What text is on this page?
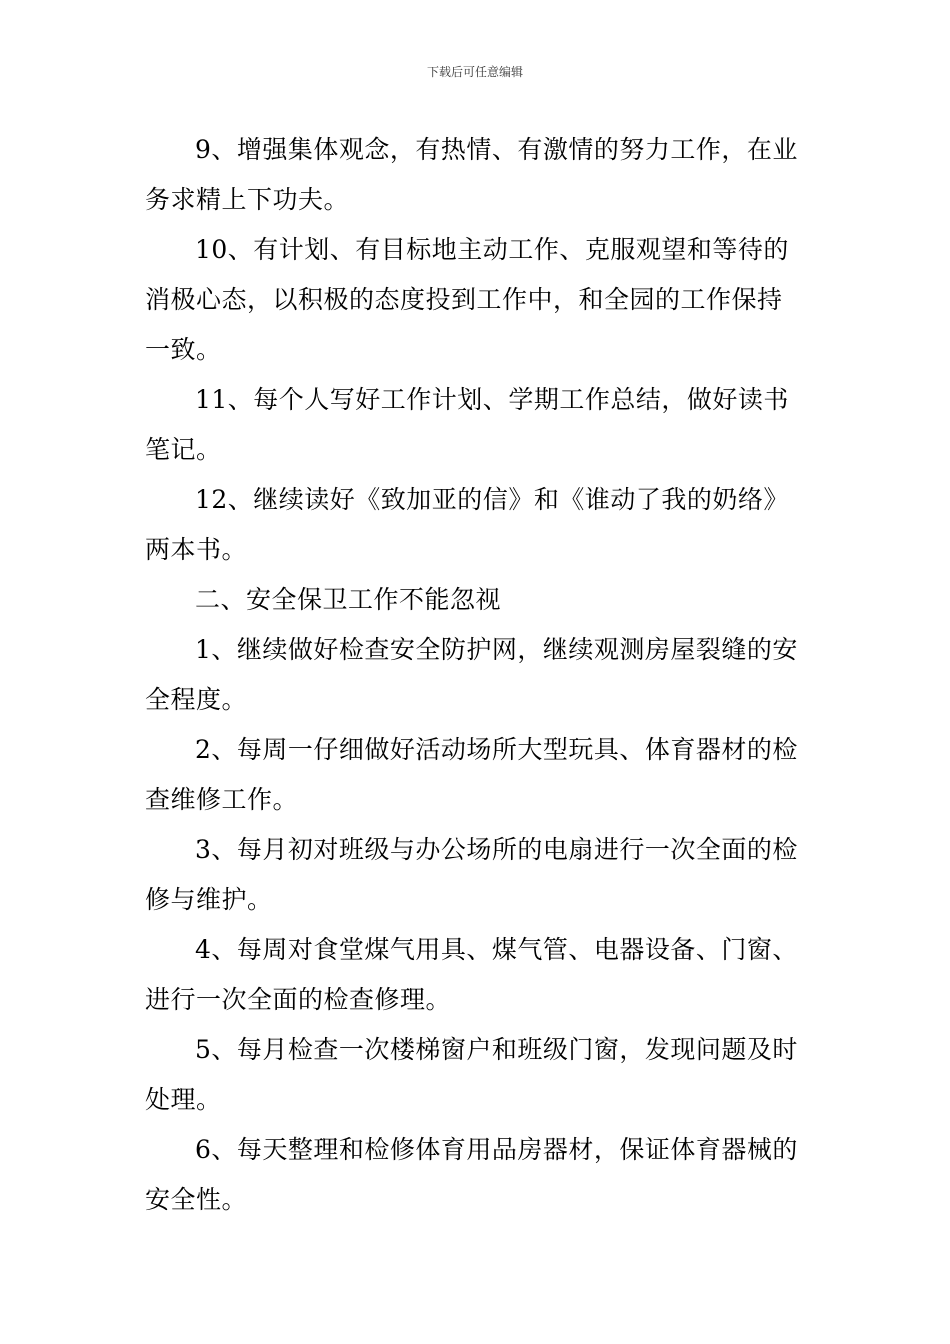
下载后可任意编辑

9、增强集体观念，有热情、有激情的努力工作，在业务求精上下功夫。

10、有计划、有目标地主动工作、克服观望和等待的消极心态，以积极的态度投到工作中，和全园的工作保持一致。

11、每个人写好工作计划、学期工作总结，做好读书笔记。

12、继续读好《致加亚的信》和《谁动了我的奶络》两本书。

二、安全保卫工作不能忽视

1、继续做好检查安全防护网，继续观测房屋裂缝的安全程度。

2、每周一仔细做好活动场所大型玩具、体育器材的检查维修工作。

3、每月初对班级与办公场所的电扇进行一次全面的检修与维护。

4、每周对食堂煤气用具、煤气管、电器设备、门窗、进行一次全面的检查修理。

5、每月检查一次楼梯窗户和班级门窗，发现问题及时处理。

6、每天整理和检修体育用品房器材，保证体育器械的安全性。
